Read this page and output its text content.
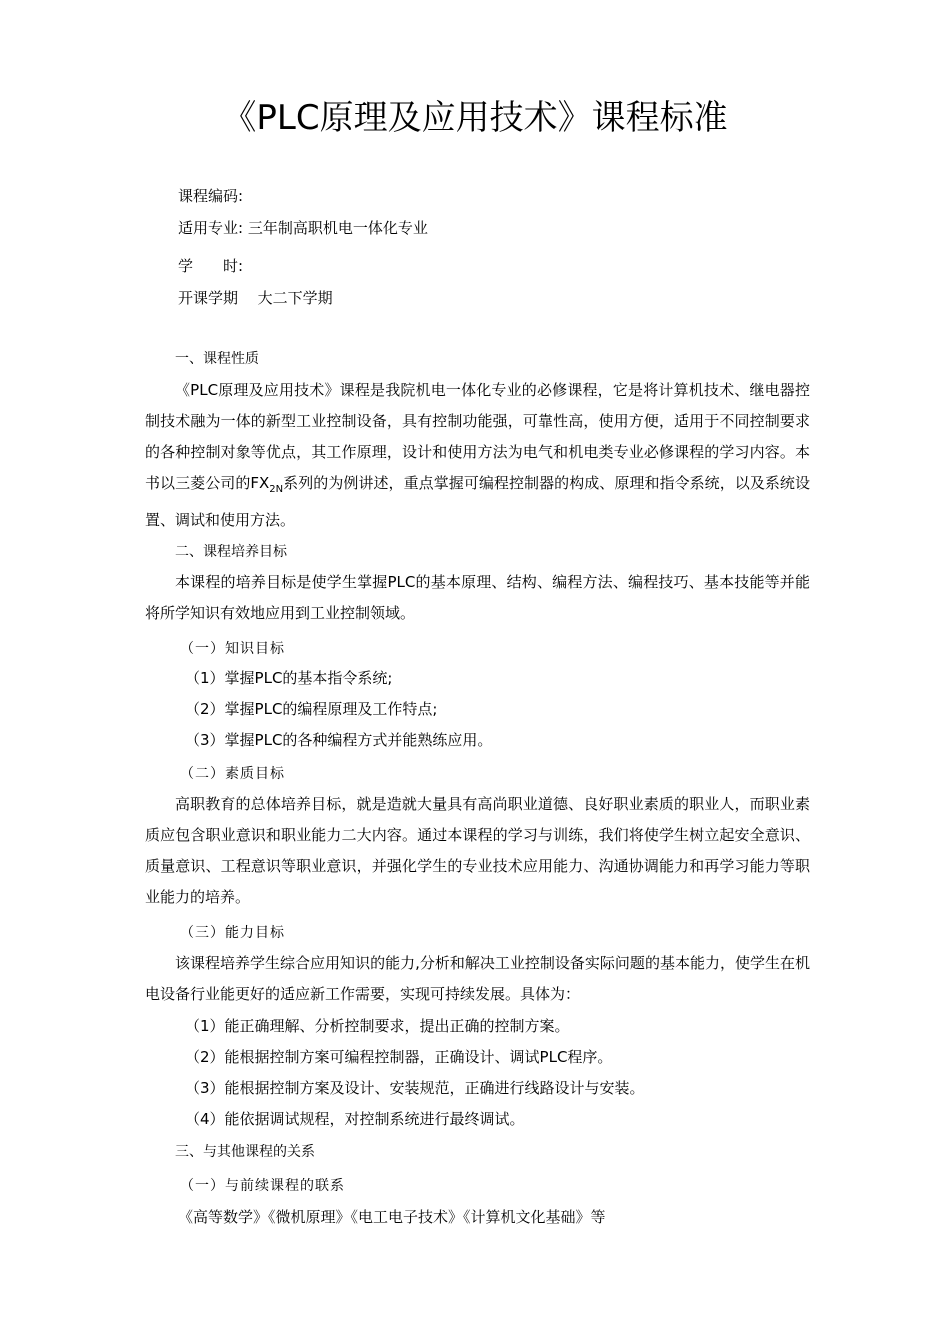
《PLC原理及应用技术》课程标准
课程编码:
适用专业: 三年制高职机电一体化专业
学　　时:
开课学期 大二下学期
一、课程性质
《PLC原理及应用技术》课程是我院机电一体化专业的必修课程，它是将计算机技术、继电器控制技术融为一体的新型工业控制设备，具有控制功能强，可靠性高，使用方便，适用于不同控制要求的各种控制对象等优点，其工作原理，设计和使用方法为电气和机电类专业必修课程的学习内容。本书以三菱公司的$FX_{2N}$系列的为例讲述，重点掌握可编程控制器的构成、原理和指令系统，以及系统设置、调试和使用方法。
二、课程培养目标
本课程的培养目标是使学生掌握PLC的基本原理、结构、编程方法、编程技巧、基本技能等并能将所学知识有效地应用到工业控制领域。
（一）知识目标
（1）掌握PLC的基本指令系统;
（2）掌握PLC的编程原理及工作特点;
（3）掌握PLC的各种编程方式并能熟练应用。
（二）素质目标
高职教育的总体培养目标，就是造就大量具有高尚职业道德、良好职业素质的职业人，而职业素质应包含职业意识和职业能力二大内容。通过本课程的学习与训练，我们将使学生树立起安全意识、质量意识、工程意识等职业意识，并强化学生的专业技术应用能力、沟通协调能力和再学习能力等职业能力的培养。
（三）能力目标
该课程培养学生综合应用知识的能力,分析和解决工业控制设备实际问题的基本能力，使学生在机电设备行业能更好的适应新工作需要，实现可持续发展。具体为：
（1）能正确理解、分析控制要求，提出正确的控制方案。
（2）能根据控制方案可编程控制器，正确设计、调试PLC程序。
（3）能根据控制方案及设计、安装规范，正确进行线路设计与安装。
（4）能依据调试规程，对控制系统进行最终调试。
三、与其他课程的关系
（一）与前续课程的联系
《高等数学》《微机原理》《电工电子技术》《计算机文化基础》等
